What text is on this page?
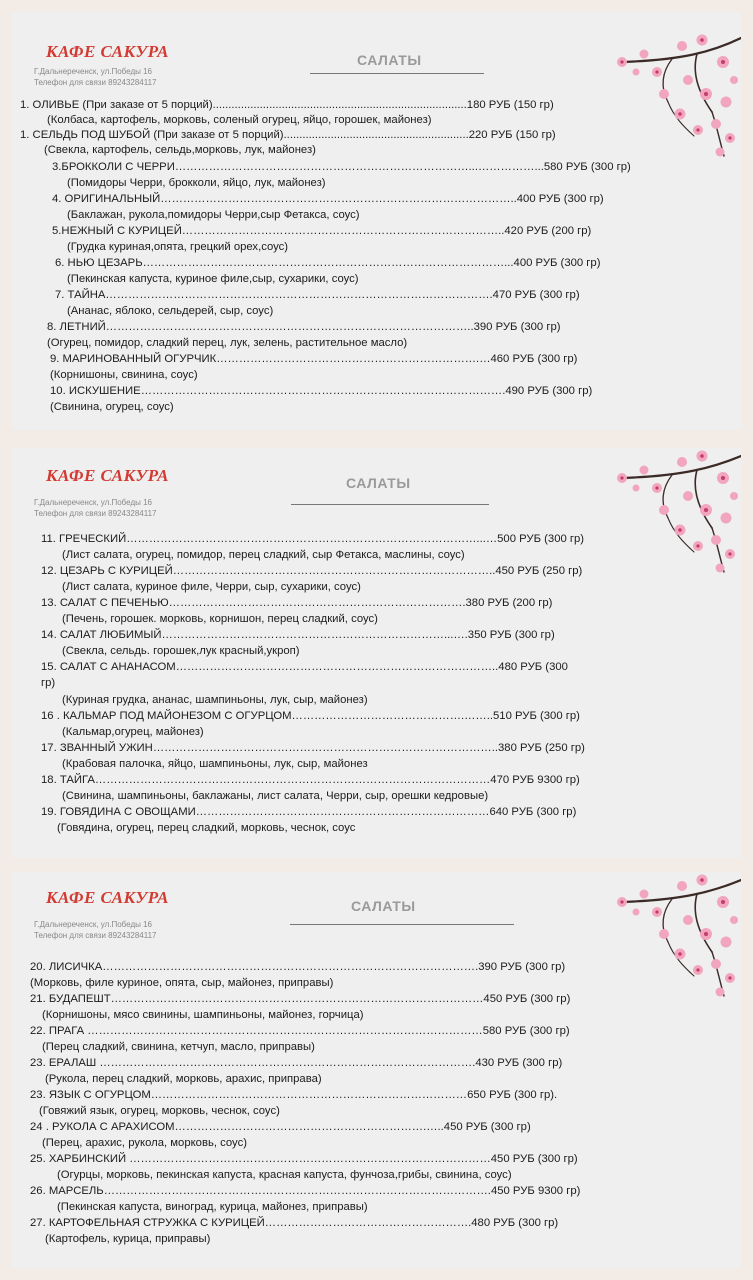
КАФЕ САКУРА
Г.Дальнереченск, ул.Победы 16
Телефон для связи 89243284117
САЛАТЫ
1. ОЛИВЬЕ (При заказе от 5 порций).................................................................................180 РУБ (150 гр)
(Колбаса, картофель, морковь, соленый огурец, яйцо, горошек, майонез)
1. СЕЛЬДЬ ПОД ШУБОЙ (При заказе от 5 порций)...........................................................220 РУБ (150 гр)
(Свекла, картофель, сельдь,морковь, лук, майонез)
3.БРОККОЛИ С ЧЕРРИ……………………………………………………………………...……………...580 РУБ (300 гр)
(Помидоры Черри, брокколи, яйцо, лук, майонез)
4. ОРИГИНАЛЬНЫЙ…………………………………………………………………………………..400 РУБ (300 гр)
(Баклажан, рукола,помидоры Черри,сыр Фетакса, соус)
5.НЕЖНЫЙ С КУРИЦЕЙ…………………………………………………………………………..420 РУБ (200 гр)
(Грудка куриная,опята, грецкий орех,соус)
6. НЬЮ ЦЕЗАРЬ……………………………………………………………………………………...400 РУБ (300 гр)
(Пекинская капуста, куриное филе,сыр, сухарики, соус)
7. ТАЙНА………………………………………………………………………………………….470 РУБ (300 гр)
(Ананас, яблоко, сельдерей, сыр, соус)
8. ЛЕТНИЙ……………………………………………………………………………………..390 РУБ (300 гр)
(Огурец, помидор, сладкий перец, лук, зелень, растительное масло)
9. МАРИНОВАННЫЙ ОГУРЧИК…………………………………………………………….…460 РУБ (300 гр)
(Корнишоны, свинина, соус)
10. ИСКУШЕНИЕ…………………………………………………………………………………….490 РУБ (300 гр)
(Свинина, огурец, соус)
КАФЕ САКУРА
Г.Дальнереченск, ул.Победы 16
Телефон для связи 89243284117
САЛАТЫ
11. ГРЕЧЕСКИЙ…………………………………………………………………………………...…500 РУБ (300 гр)
(Лист салата, огурец, помидор, перец сладкий, сыр Фетакса, маслины, соус)
12. ЦЕЗАРЬ С КУРИЦЕЙ…………………………………………………………………………..450 РУБ (250 гр)
(Лист салата, куриное филе, Черри, сыр, сухарики, соус)
13. САЛАТ С ПЕЧЕНЬЮ…………………………………………………………………….380 РУБ (200 гр)
(Печень, горошек. морковь, корнишон, перец сладкий, соус)
14. САЛАТ ЛЮБИМЫЙ…………………………………………………………………...….350 РУБ (300 гр)
(Свекла, сельдь. горошек,лук красный,укроп)
15. САЛАТ С АНАНАСОМ…………………………………………………………………………..480 РУБ (300
гр)
(Куриная грудка, ананас, шампиньоны, лук, сыр, майонез)
16 . КАЛЬМАР ПОД МАЙОНЕЗОМ С ОГУРЦОМ……………………………………….……..510 РУБ (300 гр)
(Кальмар,огурец, майонез)
17. ЗВАННЫЙ УЖИН………………………………………………………………………………..380 РУБ (250 гр)
(Крабовая палочка, яйцо, шампиньоны, лук, сыр, майонез
18. ТАЙГА……………………………………………………………………………………………470 РУБ 9300 гр)
(Свинина, шампиньоны, баклажаны, лист салата, Черри, сыр, орешки кедровые)
19. ГОВЯДИНА С ОВОЩАМИ……………………………………………………………………640 РУБ (300 гр)
(Говядина, огурец, перец сладкий, морковь, чеснок, соус
КАФЕ САКУРА
Г.Дальнереченск, ул.Победы 16
Телефон для связи 89243284117
САЛАТЫ
20. ЛИСИЧКА……………………………………………………………………………………….390 РУБ (300 гр)
(Морковь, филе куриное, опята, сыр, майонез, приправы)
21. БУДАПЕШТ………………………………………………………………………………………450 РУБ (300 гр)
(Корнишоны, мясо свинины, шампиньоны, майонез, горчица)
22. ПРАГА ……………………………………………………………………………………………580 РУБ (300 гр)
(Перец сладкий, свинина, кетчуп, масло, приправы)
23. ЕРАЛАШ ……………………………………………………………………………………….430 РУБ (300 гр)
(Рукола, перец сладкий, морковь, арахис, приправа)
23. ЯЗЫК С ОГУРЦОМ…………………………………………………………………………650 РУБ (300 гр).
(Говяжий язык, огурец, морковь, чеснок, соус)
24 . РУКОЛА С АРАХИСОМ………………………………………………………….…..450 РУБ (300 гр)
(Перец, арахис, рукола, морковь, соус)
25. ХАРБИНСКИЙ ……………………………………………………………………………………450 РУБ (300 гр)
(Огурцы, морковь, пекинская капуста, красная капуста, фунчоза,грибы, свинина, соус)
26. МАРСЕЛЬ………………………………………………………………………………………….450 РУБ 9300 гр)
(Пекинская капуста, виноград, курица, майонез, приправы)
27. КАРТОФЕЛЬНАЯ СТРУЖКА С КУРИЦЕЙ……………………………………………….480 РУБ (300 гр)
(Картофель, курица, приправы)
